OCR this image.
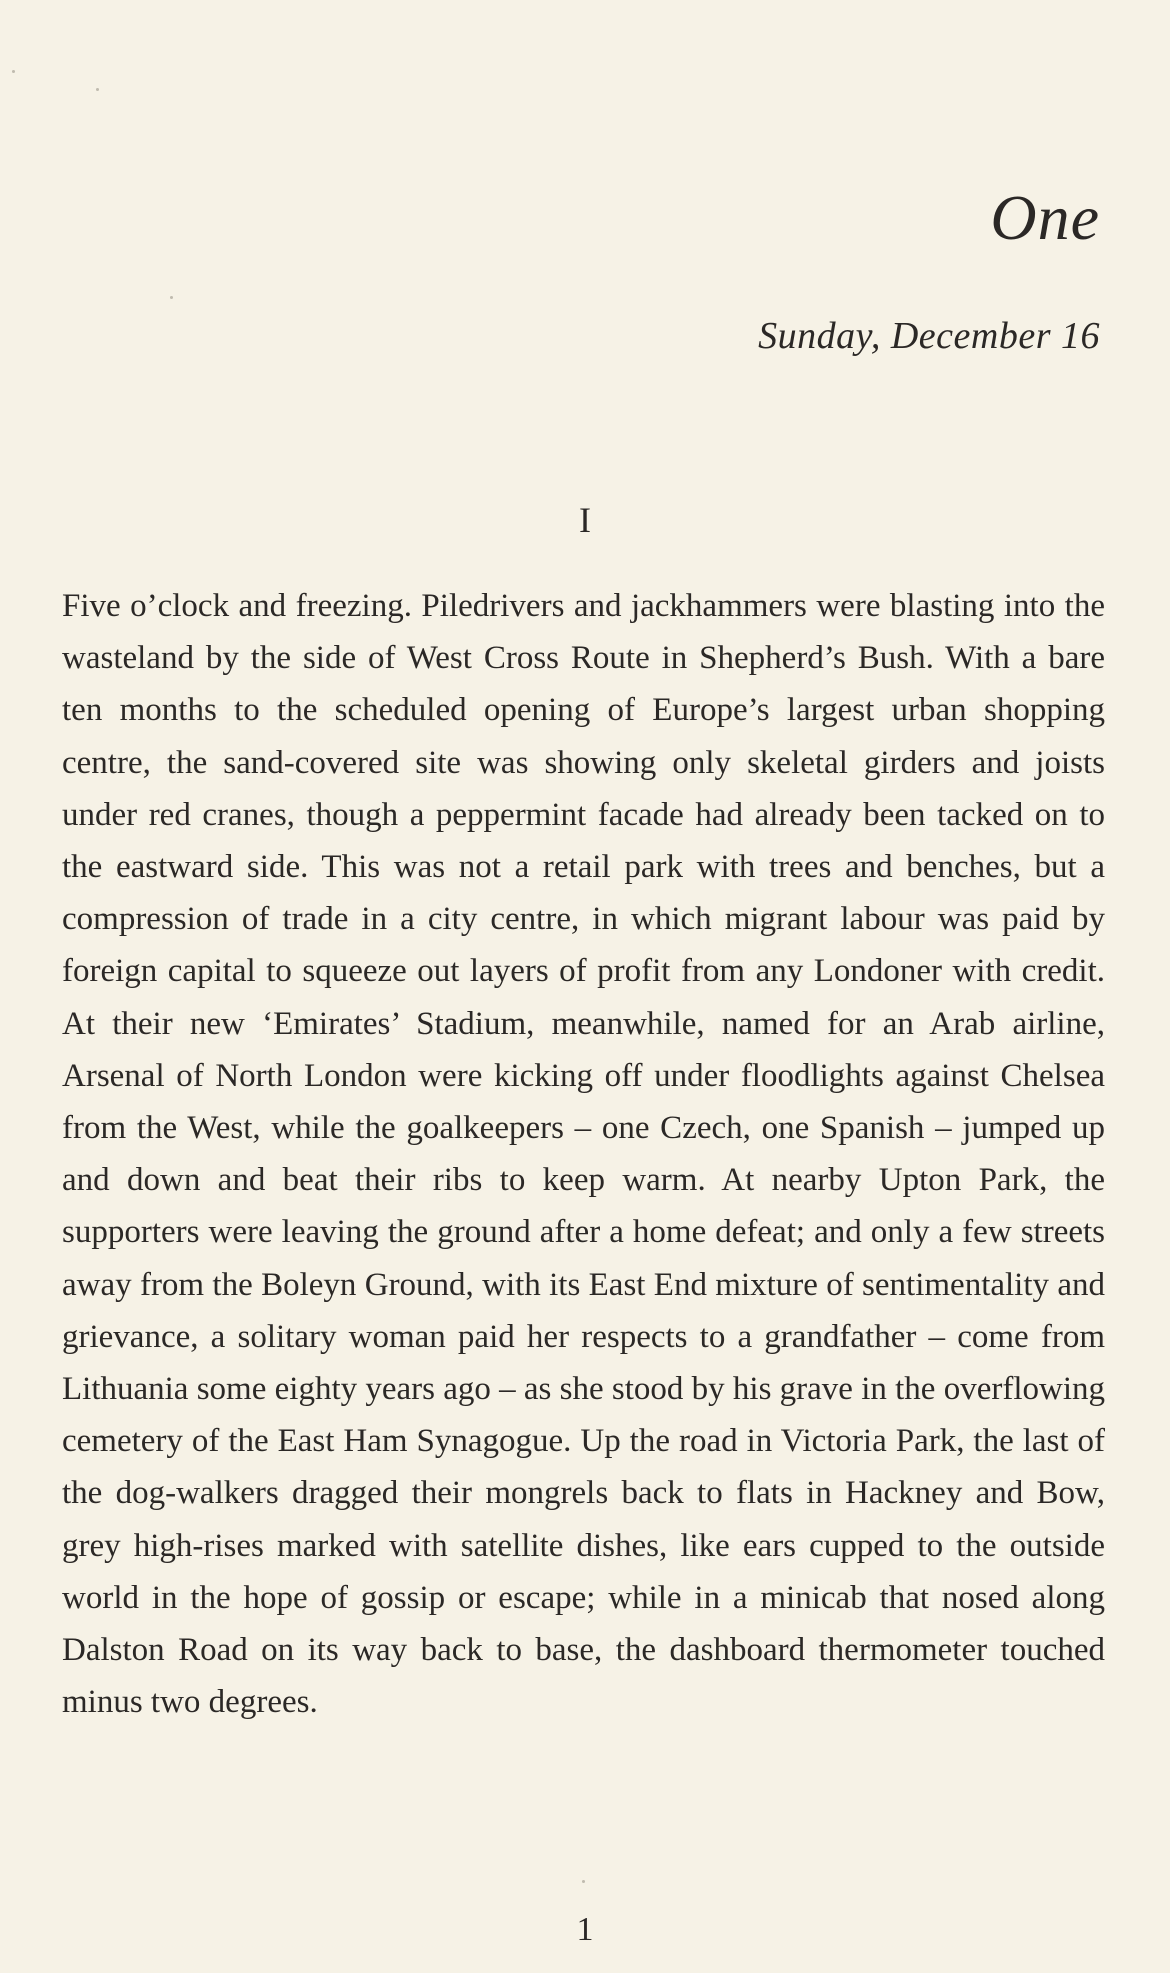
One
Sunday, December 16
I

Five o’clock and freezing. Piledrivers and jackhammers were blasting into the wasteland by the side of West Cross Route in Shepherd’s Bush. With a bare ten months to the scheduled opening of Europe’s largest urban shopping centre, the sand-covered site was showing only skeletal girders and joists under red cranes, though a peppermint facade had already been tacked on to the eastward side. This was not a retail park with trees and benches, but a compression of trade in a city centre, in which migrant labour was paid by foreign capital to squeeze out layers of profit from any Londoner with credit. At their new ‘Emirates’ Stadium, meanwhile, named for an Arab airline, Arsenal of North London were kicking off under floodlights against Chelsea from the West, while the goalkeepers – one Czech, one Spanish – jumped up and down and beat their ribs to keep warm. At nearby Upton Park, the supporters were leaving the ground after a home defeat; and only a few streets away from the Boleyn Ground, with its East End mixture of sentimentality and grievance, a solitary woman paid her respects to a grandfather – come from Lithuania some eighty years ago – as she stood by his grave in the overflowing cemetery of the East Ham Synagogue. Up the road in Victoria Park, the last of the dog-walkers dragged their mongrels back to flats in Hackney and Bow, grey high-rises marked with satellite dishes, like ears cupped to the outside world in the hope of gossip or escape; while in a minicab that nosed along Dalston Road on its way back to base, the dashboard thermometer touched minus two degrees.

1
